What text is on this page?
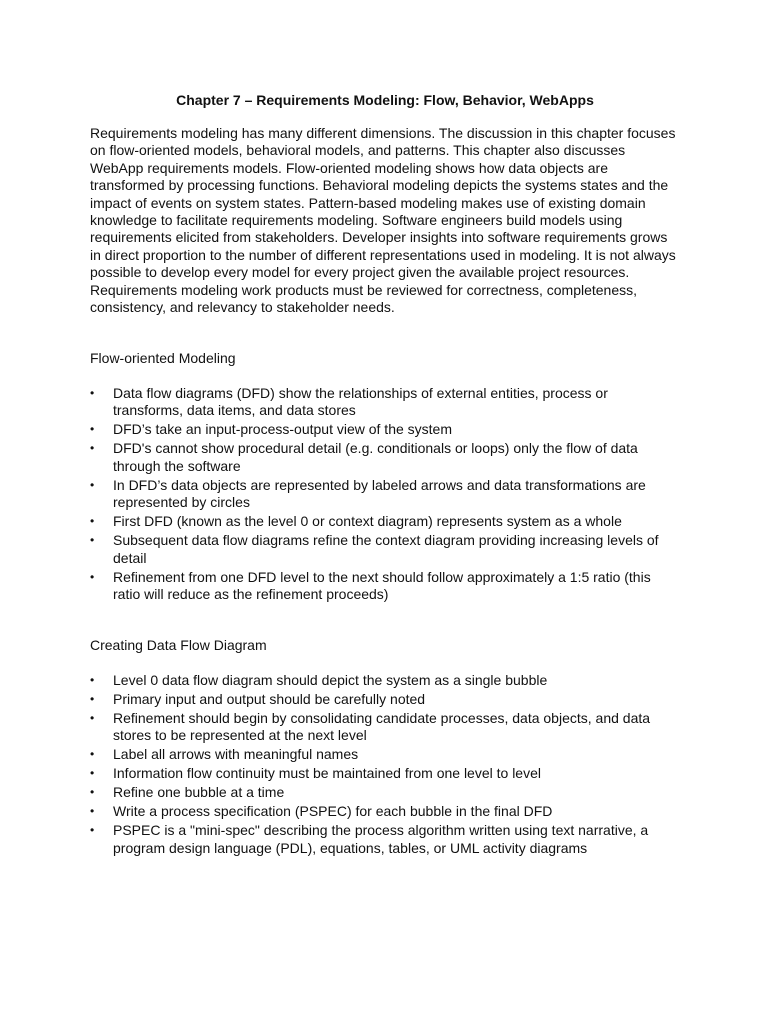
Chapter 7 – Requirements Modeling: Flow, Behavior, WebApps

Requirements modeling has many different dimensions. The discussion in this chapter focuses on flow-oriented models, behavioral models, and patterns. This chapter also discusses WebApp requirements models. Flow-oriented modeling shows how data objects are transformed by processing functions. Behavioral modeling depicts the systems states and the impact of events on system states. Pattern-based modeling makes use of existing domain knowledge to facilitate requirements modeling. Software engineers build models using requirements elicited from stakeholders. Developer insights into software requirements grows in direct proportion to the number of different representations used in modeling. It is not always possible to develop every model for every project given the available project resources. Requirements modeling work products must be reviewed for correctness, completeness, consistency, and relevancy to stakeholder needs.

Flow-oriented Modeling
• Data flow diagrams (DFD) show the relationships of external entities, process or transforms, data items, and data stores
• DFD’s take an input-process-output view of the system
• DFD's cannot show procedural detail (e.g. conditionals or loops) only the flow of data through the software
• In DFD’s data objects are represented by labeled arrows and data transformations are represented by circles
• First DFD (known as the level 0 or context diagram) represents system as a whole
• Subsequent data flow diagrams refine the context diagram providing increasing levels of detail
• Refinement from one DFD level to the next should follow approximately a 1:5 ratio (this ratio will reduce as the refinement proceeds)
Creating Data Flow Diagram
• Level 0 data flow diagram should depict the system as a single bubble
• Primary input and output should be carefully noted
• Refinement should begin by consolidating candidate processes, data objects, and data stores to be represented at the next level
• Label all arrows with meaningful names
• Information flow continuity must be maintained from one level to level
• Refine one bubble at a time
• Write a process specification (PSPEC) for each bubble in the final DFD
• PSPEC is a "mini-spec" describing the process algorithm written using text narrative, a program design language (PDL), equations, tables, or UML activity diagrams
